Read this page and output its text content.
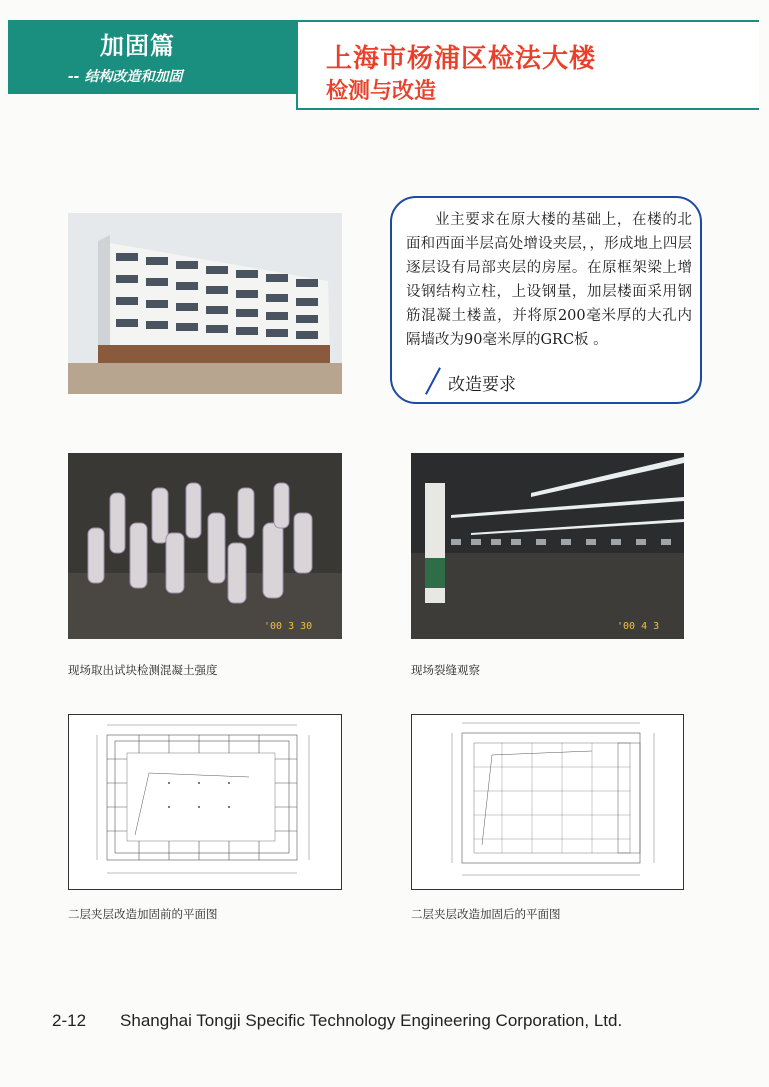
加固篇
-- 结构改造和加固
上海市杨浦区检法大楼
检测与改造
业主要求在原大楼的基础上，在楼的北面和西面半层高处增设夹层，，形成地上四层逐层设有局部夹层的房屋。在原框架梁上增设钢结构立柱，上设钢量，加层楼面采用钢筋混凝土楼盖，并将原200毫米厚的大孔内隔墙改为90毫米厚的GRC板 。
改造要求
'00 3 30	'00 4 3
现场取出试块检测混凝土强度	现场裂缝观察
二层夹层改造加固前的平面图	二层夹层改造加固后的平面图
2-12 Shanghai Tongji Specific Technology Engineering Corporation, Ltd.
